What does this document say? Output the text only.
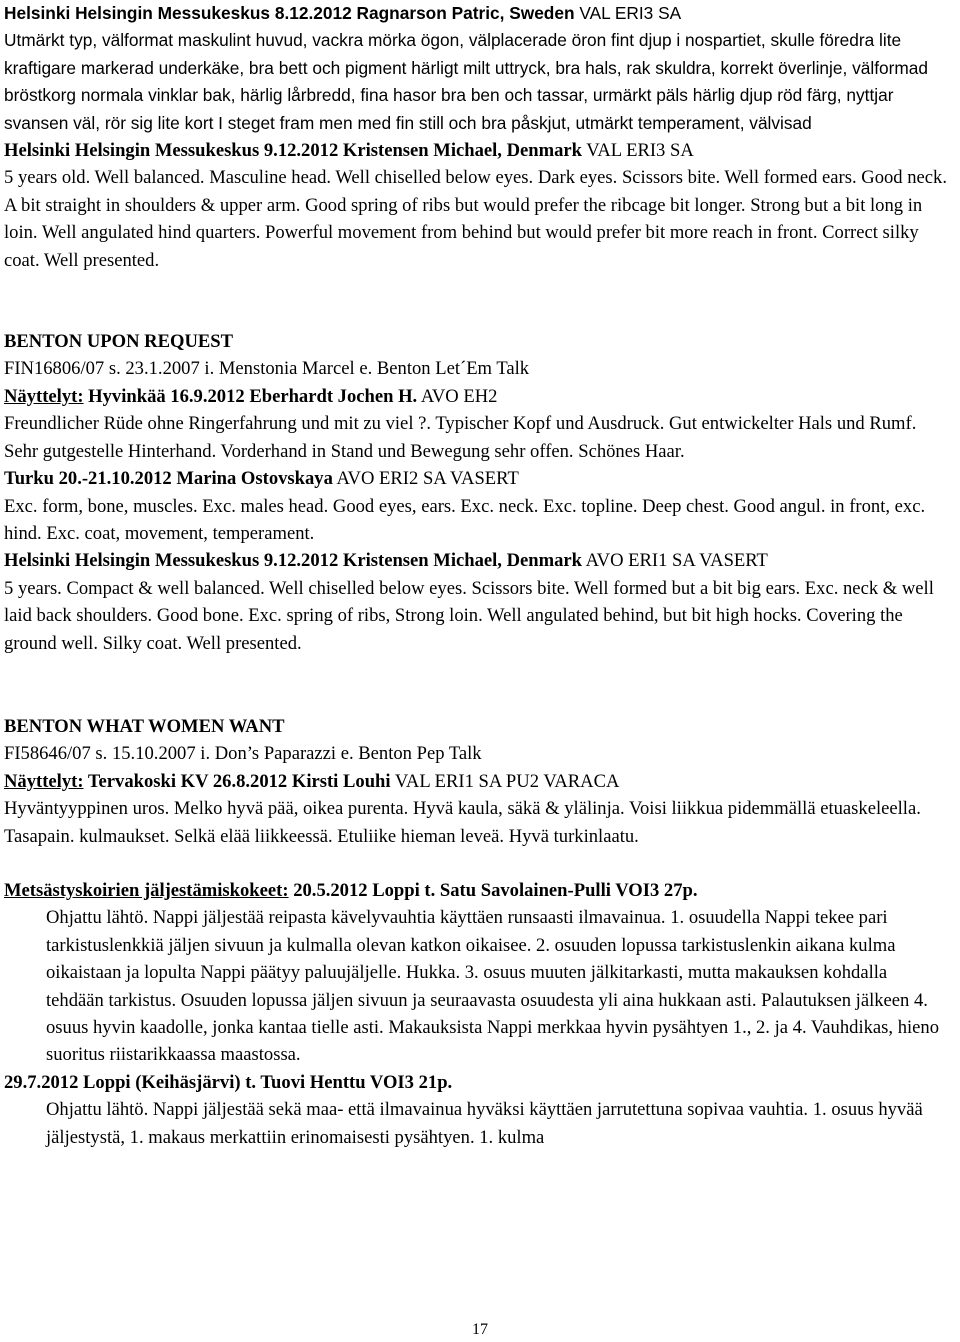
Helsinki Helsingin Messukeskus 8.12.2012 Ragnarson Patric, Sweden VAL ERI3 SA

Utmärkt typ, välformat maskulint huvud, vackra mörka ögon, välplacerade öron fint djup i nospartiet, skulle föredra lite kraftigare markerad underkäke, bra bett och pigment härligt milt uttryck, bra hals, rak skuldra, korrekt överlinje, välformad bröstkorg normala vinklar bak, härlig lårbredd, fina hasor bra ben och tassar, urmärkt päls härlig djup röd färg, nyttjar svansen väl, rör sig lite kort I steget fram men med fin still och bra påskjut, utmärkt temperament, välvisad

Helsinki Helsingin Messukeskus 9.12.2012 Kristensen Michael, Denmark VAL ERI3 SA

5 years old. Well balanced. Masculine head. Well chiselled below eyes. Dark eyes. Scissors bite. Well formed ears. Good neck. A bit straight in shoulders & upper arm. Good spring of ribs but would prefer the ribcage bit longer. Strong but a bit long in loin. Well angulated hind quarters. Powerful movement from behind but would prefer bit more reach in front. Correct silky coat. Well presented.

BENTON UPON REQUEST

FIN16806/07 s. 23.1.2007 i. Menstonia Marcel e. Benton Let´Em Talk

Näyttelyt: Hyvinkää 16.9.2012 Eberhardt Jochen H. AVO EH2

Freundlicher Rüde ohne Ringerfahrung und mit zu viel ?. Typischer Kopf und Ausdruck. Gut entwickelter Hals und Rumf. Sehr gutgestelle Hinterhand. Vorderhand in Stand und Bewegung sehr offen. Schönes Haar.

Turku 20.-21.10.2012 Marina Ostovskaya AVO ERI2 SA VASERT

Exc. form, bone, muscles. Exc. males head. Good eyes, ears. Exc. neck. Exc. topline. Deep chest. Good angul. in front, exc. hind. Exc. coat, movement, temperament.

Helsinki Helsingin Messukeskus 9.12.2012 Kristensen Michael, Denmark AVO ERI1 SA VASERT

5 years. Compact & well balanced. Well chiselled below eyes. Scissors bite. Well formed but a bit big ears. Exc. neck & well laid back shoulders. Good bone. Exc. spring of ribs, Strong loin. Well angulated behind, but bit high hocks. Covering the ground well. Silky coat. Well presented.

BENTON WHAT WOMEN WANT

FI58646/07 s. 15.10.2007 i. Don’s Paparazzi e. Benton Pep Talk

Näyttelyt: Tervakoski KV 26.8.2012 Kirsti Louhi VAL ERI1 SA PU2 VARACA

Hyväntyyppinen uros. Melko hyvä pää, oikea purenta. Hyvä kaula, säkä & ylälinja. Voisi liikkua pidemmällä etuaskeleella. Tasapain. kulmaukset. Selkä elää liikkeessä. Etuliike hieman leveä. Hyvä turkinlaatu.

Metsästyskoirien jäljestämiskokeet: 20.5.2012 Loppi t. Satu Savolainen-Pulli VOI3 27p.

Ohjattu lähtö. Nappi jäljestää reipasta kävelyvauhtia käyttäen runsaasti ilmavainua. 1. osuudella Nappi tekee pari tarkistuslenkkiä jäljen sivuun ja kulmalla olevan katkon oikaisee. 2. osuuden lopussa tarkistuslenkin aikana kulma oikaistaan ja lopulta Nappi päätyy paluujäljelle. Hukka. 3. osuus muuten jälkitarkasti, mutta makauksen kohdalla tehdään tarkistus. Osuuden lopussa jäljen sivuun ja seuraavasta osuudesta yli aina hukkaan asti. Palautuksen jälkeen 4. osuus hyvin kaadolle, jonka kantaa tielle asti. Makauksista Nappi merkkaa hyvin pysähtyen 1., 2. ja 4. Vauhdikas, hieno suoritus riistarikkaassa maastossa.

29.7.2012 Loppi (Keihäsjärvi) t. Tuovi Henttu VOI3 21p.

Ohjattu lähtö. Nappi jäljestää sekä maa- että ilmavainua hyväksi käyttäen jarrutettuna sopivaa vauhtia. 1. osuus hyvää jäljestystä, 1. makaus merkattiin erinomaisesti pysähtyen. 1. kulma

17
